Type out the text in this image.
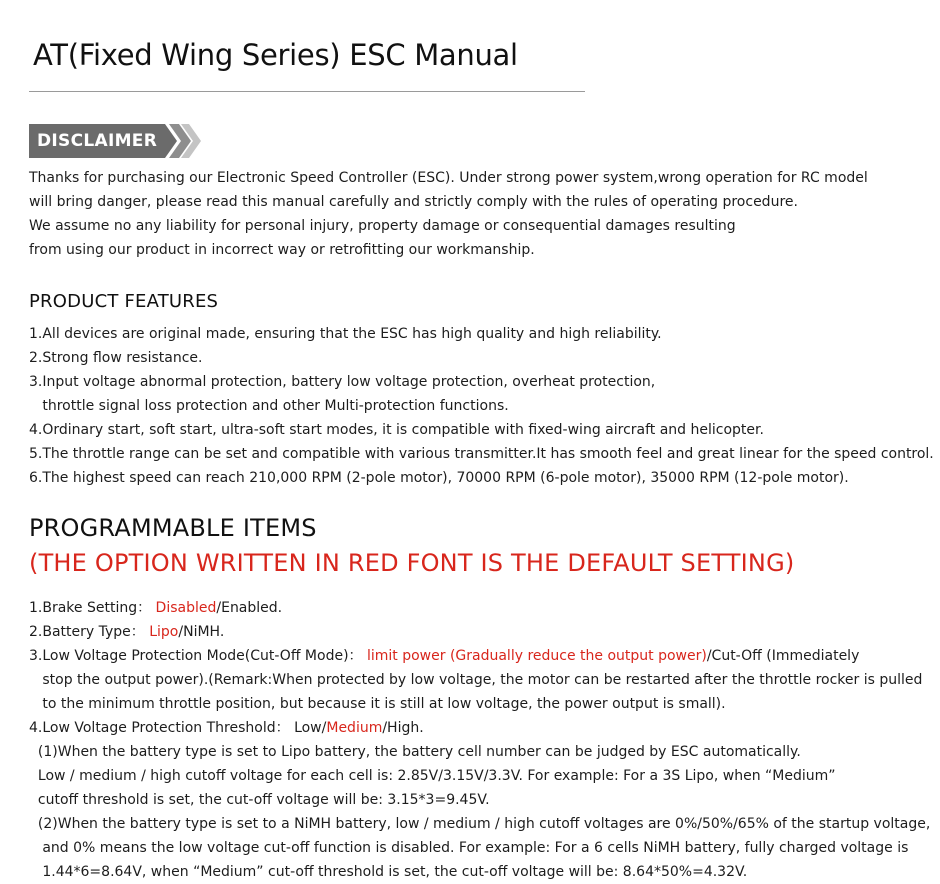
AT(Fixed Wing Series) ESC Manual
DISCLAIMER
Thanks for purchasing our Electronic Speed Controller (ESC). Under strong power system,wrong operation for RC model
will bring danger, please read this manual carefully and strictly comply with the rules of operating procedure.
We assume no any liability for personal injury, property damage or consequential damages resulting
from using our product in incorrect way or retrofitting our workmanship.
PRODUCT FEATURES
1.All devices are original made, ensuring that the ESC has high quality and high reliability.
2.Strong flow resistance.
3.Input voltage abnormal protection, battery low voltage protection, overheat protection,
throttle signal loss protection and other Multi-protection functions.
4.Ordinary start, soft start, ultra-soft start modes, it is compatible with fixed-wing aircraft and helicopter.
5.The throttle range can be set and compatible with various transmitter.It has smooth feel and great linear for the speed control.
6.The highest speed can reach 210,000 RPM (2-pole motor), 70000 RPM (6-pole motor), 35000 RPM (12-pole motor).
PROGRAMMABLE ITEMS
(THE OPTION WRITTEN IN RED FONT IS THE DEFAULT SETTING)
1.Brake Setting： Disabled/Enabled.
2.Battery Type： Lipo/NiMH.
3.Low Voltage Protection Mode(Cut-Off Mode)： limit power (Gradually reduce the output power)/Cut-Off (Immediately
stop the output power).(Remark:When protected by low voltage, the motor can be restarted after the throttle rocker is pulled
to the minimum throttle position, but because it is still at low voltage, the power output is small).
4.Low Voltage Protection Threshold： Low/Medium/High.
(1)When the battery type is set to Lipo battery, the battery cell number can be judged by ESC automatically.
Low / medium / high cutoff voltage for each cell is: 2.85V/3.15V/3.3V. For example: For a 3S Lipo, when “Medium”
cutoff threshold is set, the cut-off voltage will be: 3.15*3=9.45V.
(2)When the battery type is set to a NiMH battery, low / medium / high cutoff voltages are 0%/50%/65% of the startup voltage,
and 0% means the low voltage cut-off function is disabled. For example: For a 6 cells NiMH battery, fully charged voltage is
1.44*6=8.64V, when “Medium” cut-off threshold is set, the cut-off voltage will be: 8.64*50%=4.32V.
